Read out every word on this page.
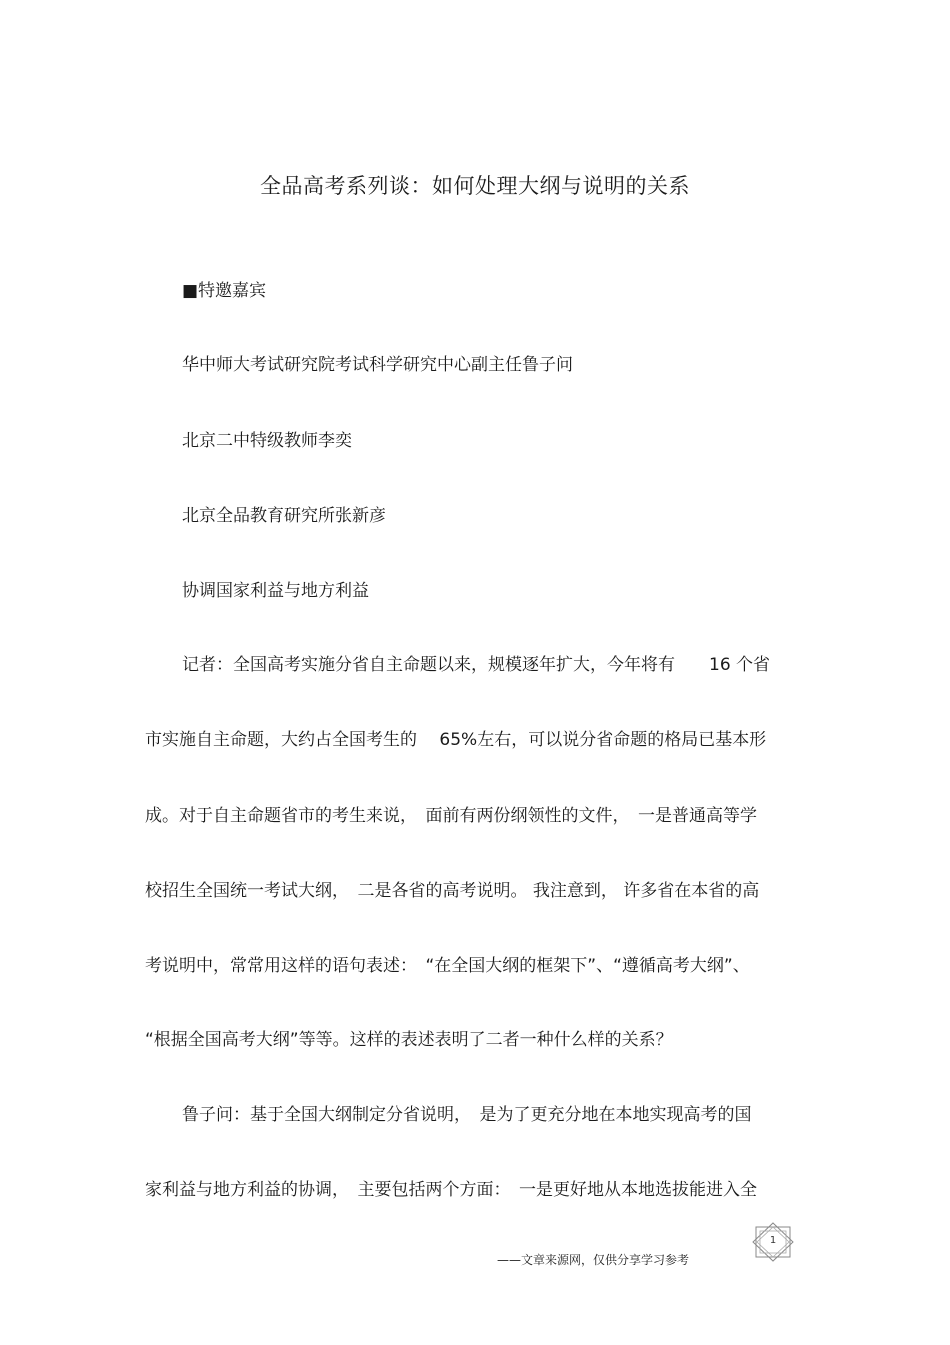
全品高考系列谈：如何处理大纲与说明的关系
■特邀嘉宾
华中师大考试研究院考试科学研究中心副主任鲁子问
北京二中特级教师李奕
北京全品教育研究所张新彦
协调国家利益与地方利益
记者：全国高考实施分省自主命题以来，规模逐年扩大，今年将有　　16 个省
市实施自主命题，大约占全国考生的　 65%左右，可以说分省命题的格局已基本形
成。对于自主命题省市的考生来说，　面前有两份纲领性的文件，　一是普通高等学
校招生全国统一考试大纲，　二是各省的高考说明。 我注意到， 许多省在本省的高
考说明中，常常用这样的语句表述：　“在全国大纲的框架下”、“遵循高考大纲”、
“根据全国高考大纲”等等。这样的表述表明了二者一种什么样的关系？
鲁子问：基于全国大纲制定分省说明，　是为了更充分地在本地实现高考的国
家利益与地方利益的协调，　主要包括两个方面：　一是更好地从本地选拔能进入全
1
——文章来源网，仅供分享学习参考
